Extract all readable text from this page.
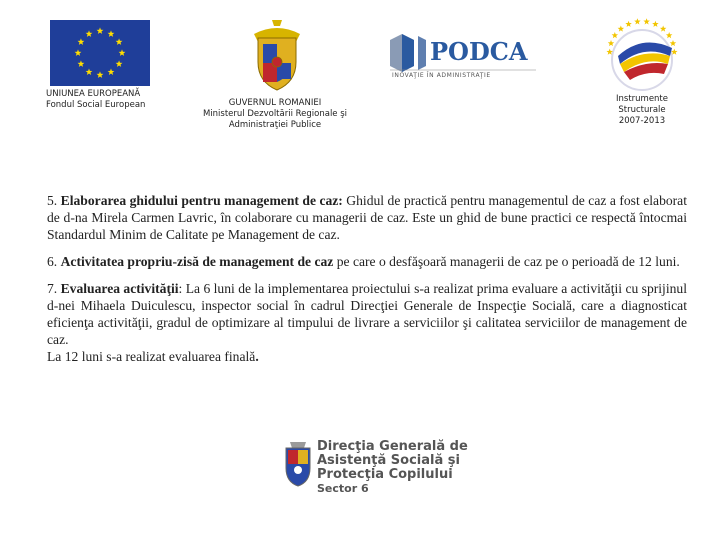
UNIUNEA EUROPEANĂ
Fondul Social European	GUVERNUL ROMANIEI
Ministerul Dezvoltării Regionale şi
Administraţiei Publice
PODCA
INOVAŢIE ÎN ADMINISTRAŢIE
Instrumente
Structurale
2007-2013

5. Elaborarea ghidului pentru management de caz: Ghidul de practică pentru managementul de caz a fost elaborat de d-na Mirela Carmen Lavric, în colaborare cu managerii de caz. Este un ghid de bune practici ce respectă întocmai Standardul Minim de Calitate pe Management de caz.

6. Activitatea propriu-zisă de management de caz pe care o desfăşoară managerii de caz pe o perioadă de 12 luni.

7. Evaluarea activităţii: La 6 luni de la implementarea proiectului s-a realizat prima evaluare a activităţii cu sprijinul d-nei Mihaela Duiculescu, inspector social în cadrul Direcţiei Generale de Inspecţie Socială, care a diagnosticat eficienţa activităţii, gradul de optimizare al timpului de livrare a serviciilor şi calitatea serviciilor de management de caz.
La 12 luni s-a realizat evaluarea finală.

Direcţia Generală de
Asistenţă Socială şi
Protecţia Copilului
Sector 6
